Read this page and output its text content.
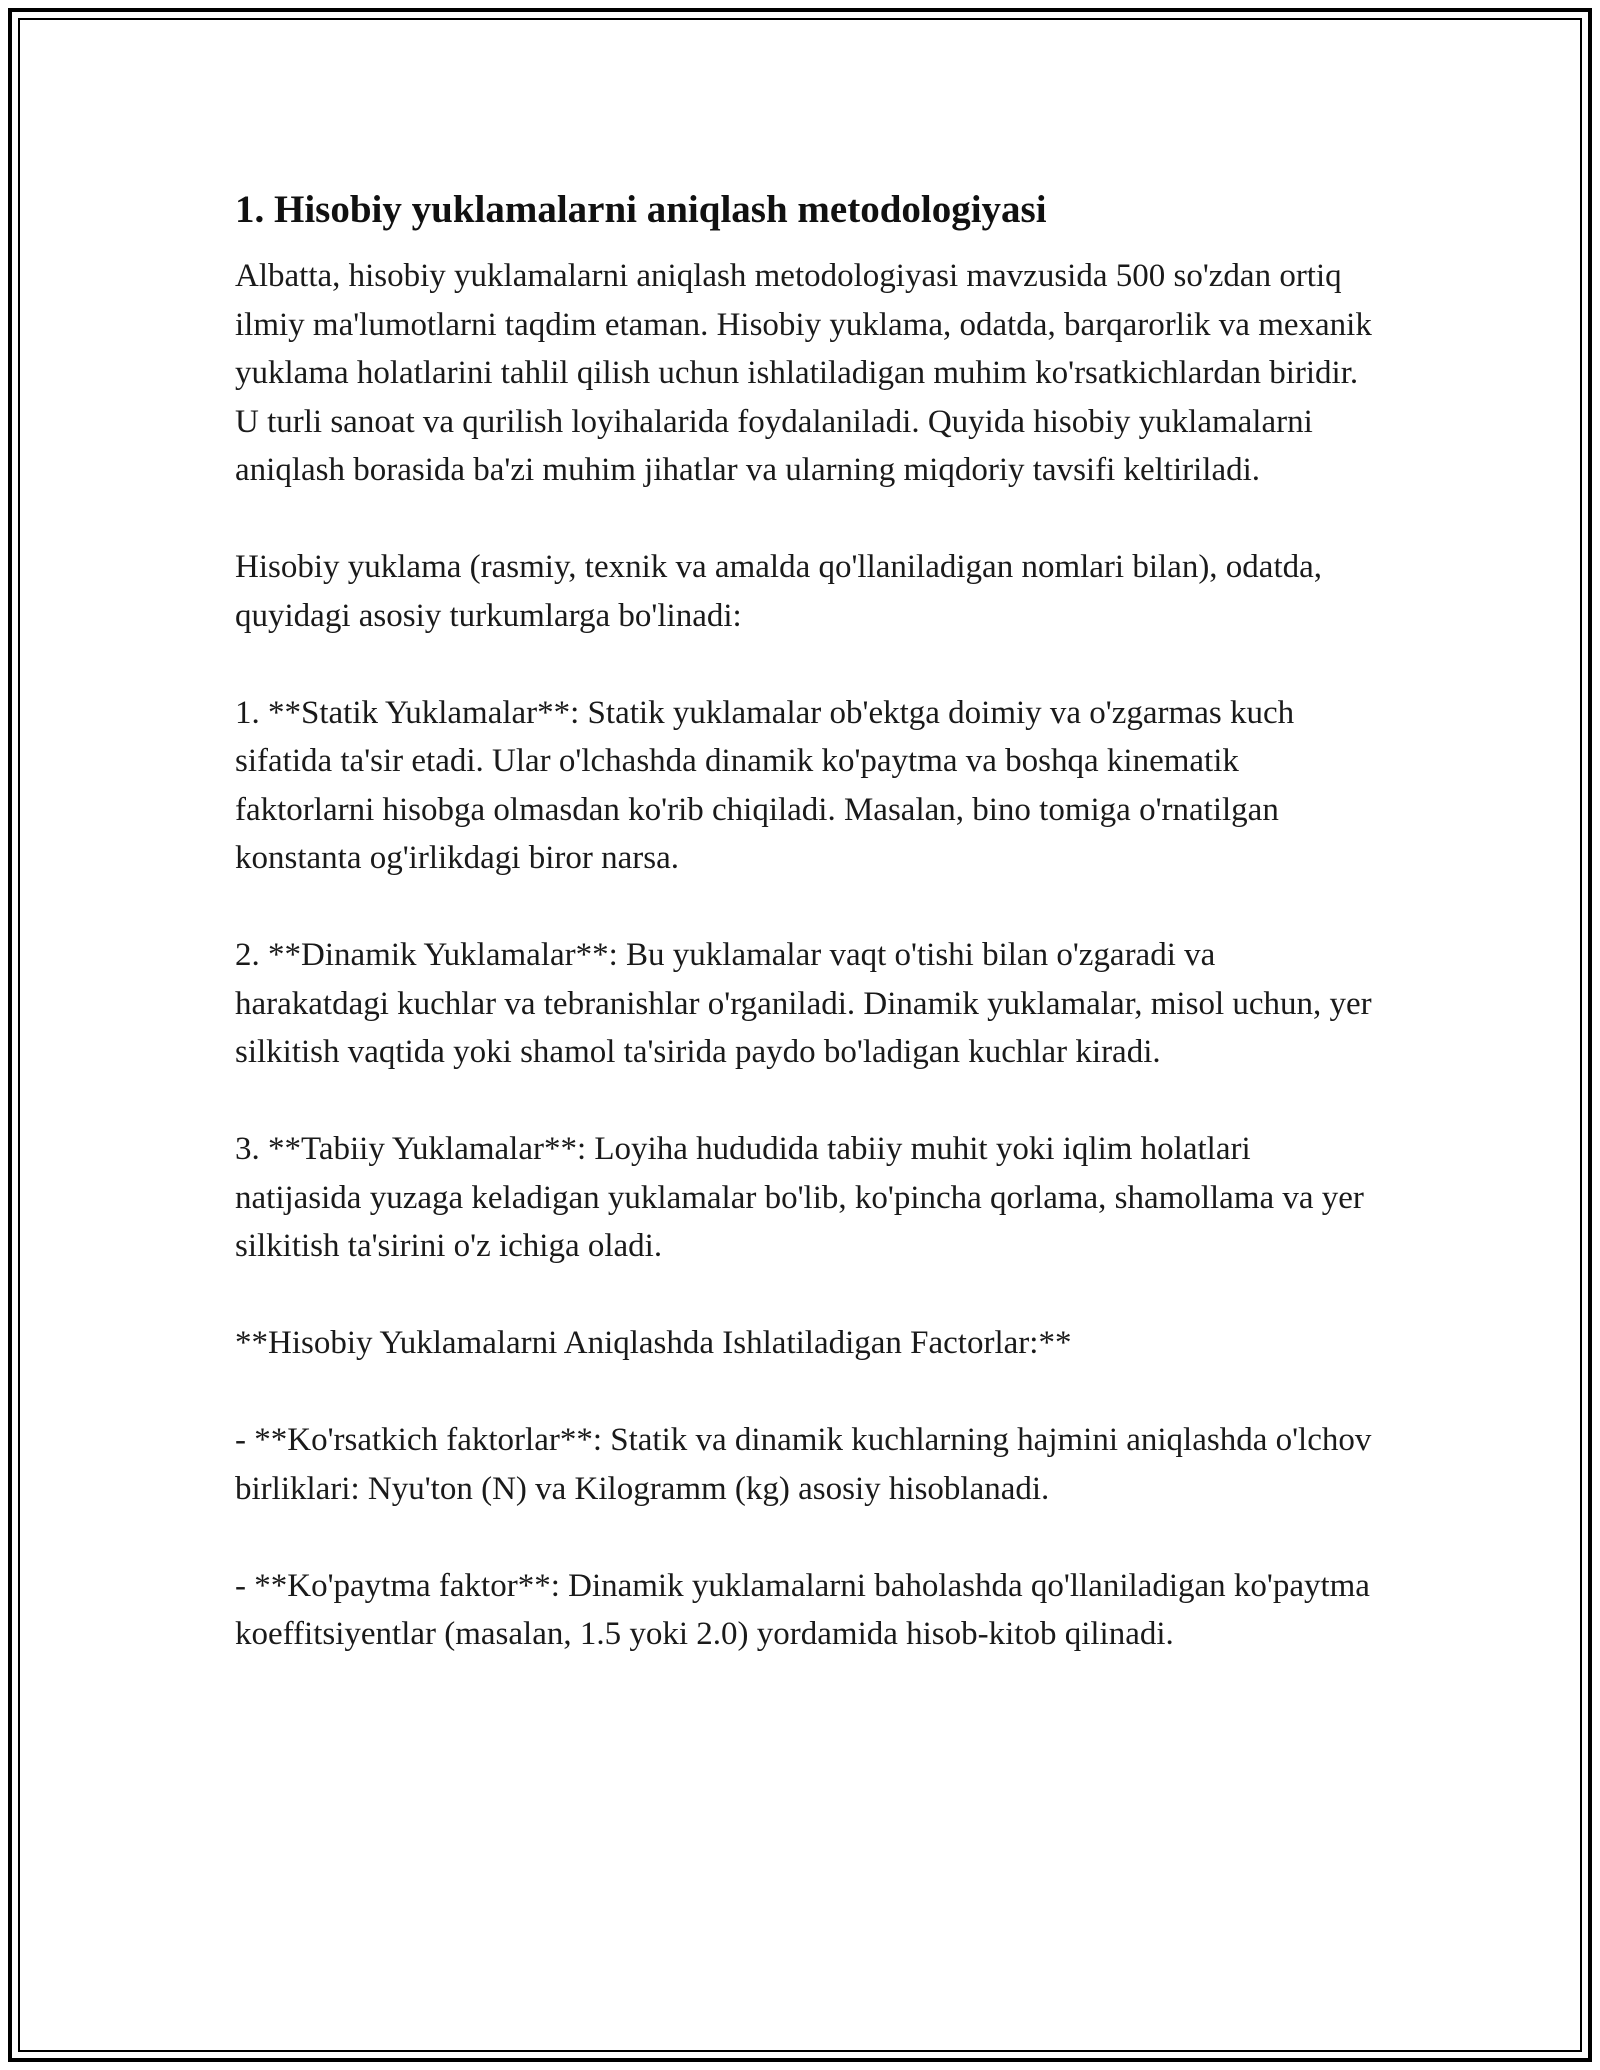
1. Hisobiy yuklamalarni aniqlash metodologiyasi

Albatta, hisobiy yuklamalarni aniqlash metodologiyasi mavzusida 500 so'zdan ortiq ilmiy ma'lumotlarni taqdim etaman. Hisobiy yuklama, odatda, barqarorlik va mexanik yuklama holatlarini tahlil qilish uchun ishlatiladigan muhim ko'rsatkichlardan biridir. U turli sanoat va qurilish loyihalarida foydalaniladi. Quyida hisobiy yuklamalarni aniqlash borasida ba'zi muhim jihatlar va ularning miqdoriy tavsifi keltiriladi.

Hisobiy yuklama (rasmiy, texnik va amalda qo'llaniladigan nomlari bilan), odatda, quyidagi asosiy turkumlarga bo'linadi:

1. **Statik Yuklamalar**: Statik yuklamalar ob'ektga doimiy va o'zgarmas kuch sifatida ta'sir etadi. Ular o'lchashda dinamik ko'paytma va boshqa kinematik faktorlarni hisobga olmasdan ko'rib chiqiladi. Masalan, bino tomiga o'rnatilgan konstanta og'irlikdagi biror narsa.

2. **Dinamik Yuklamalar**: Bu yuklamalar vaqt o'tishi bilan o'zgaradi va harakatdagi kuchlar va tebranishlar o'rganiladi. Dinamik yuklamalar, misol uchun, yer silkitish vaqtida yoki shamol ta'sirida paydo bo'ladigan kuchlar kiradi.

3. **Tabiiy Yuklamalar**: Loyiha hududida tabiiy muhit yoki iqlim holatlari natijasida yuzaga keladigan yuklamalar bo'lib, ko'pincha qorlama, shamollama va yer silkitish ta'sirini o'z ichiga oladi.

**Hisobiy Yuklamalarni Aniqlashda Ishlatiladigan Factorlar:**

- **Ko'rsatkich faktorlar**: Statik va dinamik kuchlarning hajmini aniqlashda o'lchov birliklari: Nyu'ton (N) va Kilogramm (kg) asosiy hisoblanadi.

- **Ko'paytma faktor**: Dinamik yuklamalarni baholashda qo'llaniladigan ko'paytma koeffitsiyentlar (masalan, 1.5 yoki 2.0) yordamida hisob-kitob qilinadi.
